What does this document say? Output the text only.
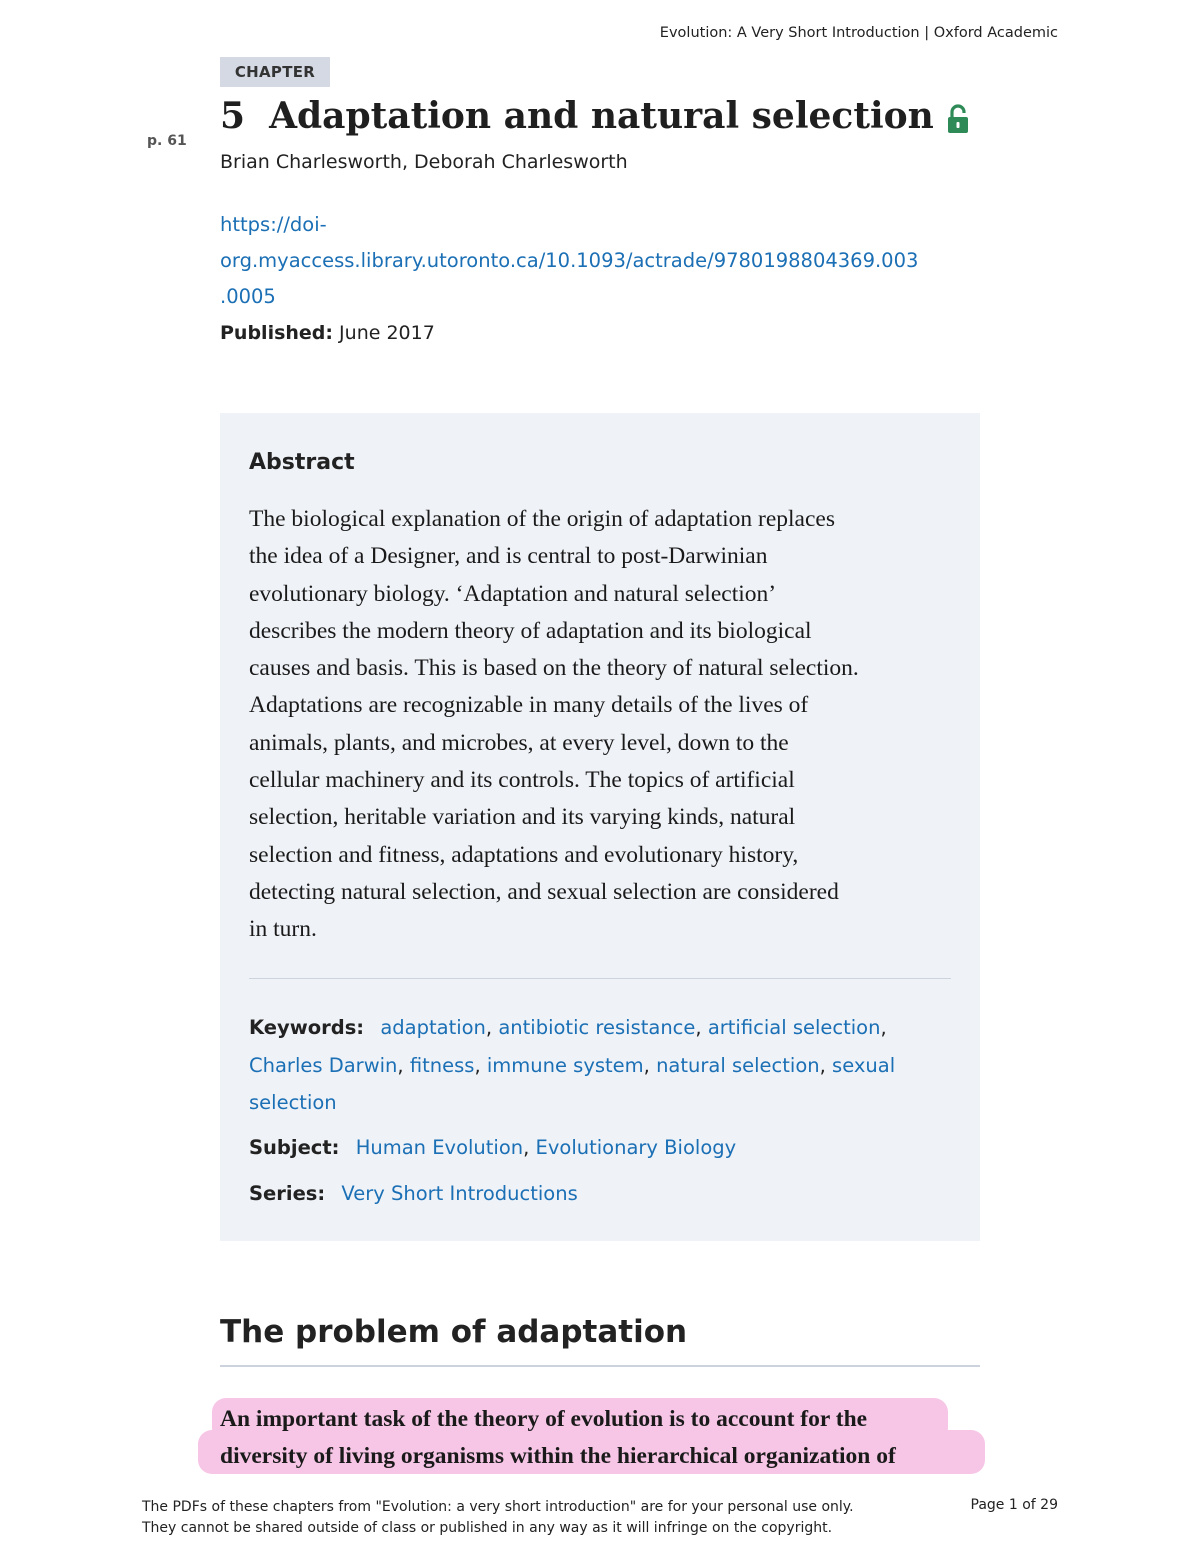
Evolution: A Very Short Introduction | Oxford Academic
CHAPTER
p. 61
5 Adaptation and natural selection
Brian Charlesworth, Deborah Charlesworth
https://doi-
org.myaccess.library.utoronto.ca/10.1093/actrade/9780198804369.003
.0005
Published: June 2017
Abstract
The biological explanation of the origin of adaptation replaces
the idea of a Designer, and is central to post-Darwinian
evolutionary biology. ‘Adaptation and natural selection’
describes the modern theory of adaptation and its biological
causes and basis. This is based on the theory of natural selection.
Adaptations are recognizable in many details of the lives of
animals, plants, and microbes, at every level, down to the
cellular machinery and its controls. The topics of artificial
selection, heritable variation and its varying kinds, natural
selection and fitness, adaptations and evolutionary history,
detecting natural selection, and sexual selection are considered
in turn.
Keywords: adaptation, antibiotic resistance, artificial selection, Charles Darwin, fitness, immune system, natural selection, sexual selection
Subject: Human Evolution, Evolutionary Biology
Series: Very Short Introductions
The problem of adaptation
An important task of the theory of evolution is to account for the
diversity of living organisms within the hierarchical organization of
The PDFs of these chapters from "Evolution: a very short introduction" are for your personal use only.
They cannot be shared outside of class or published in any way as it will infringe on the copyright.
Page 1 of 29
